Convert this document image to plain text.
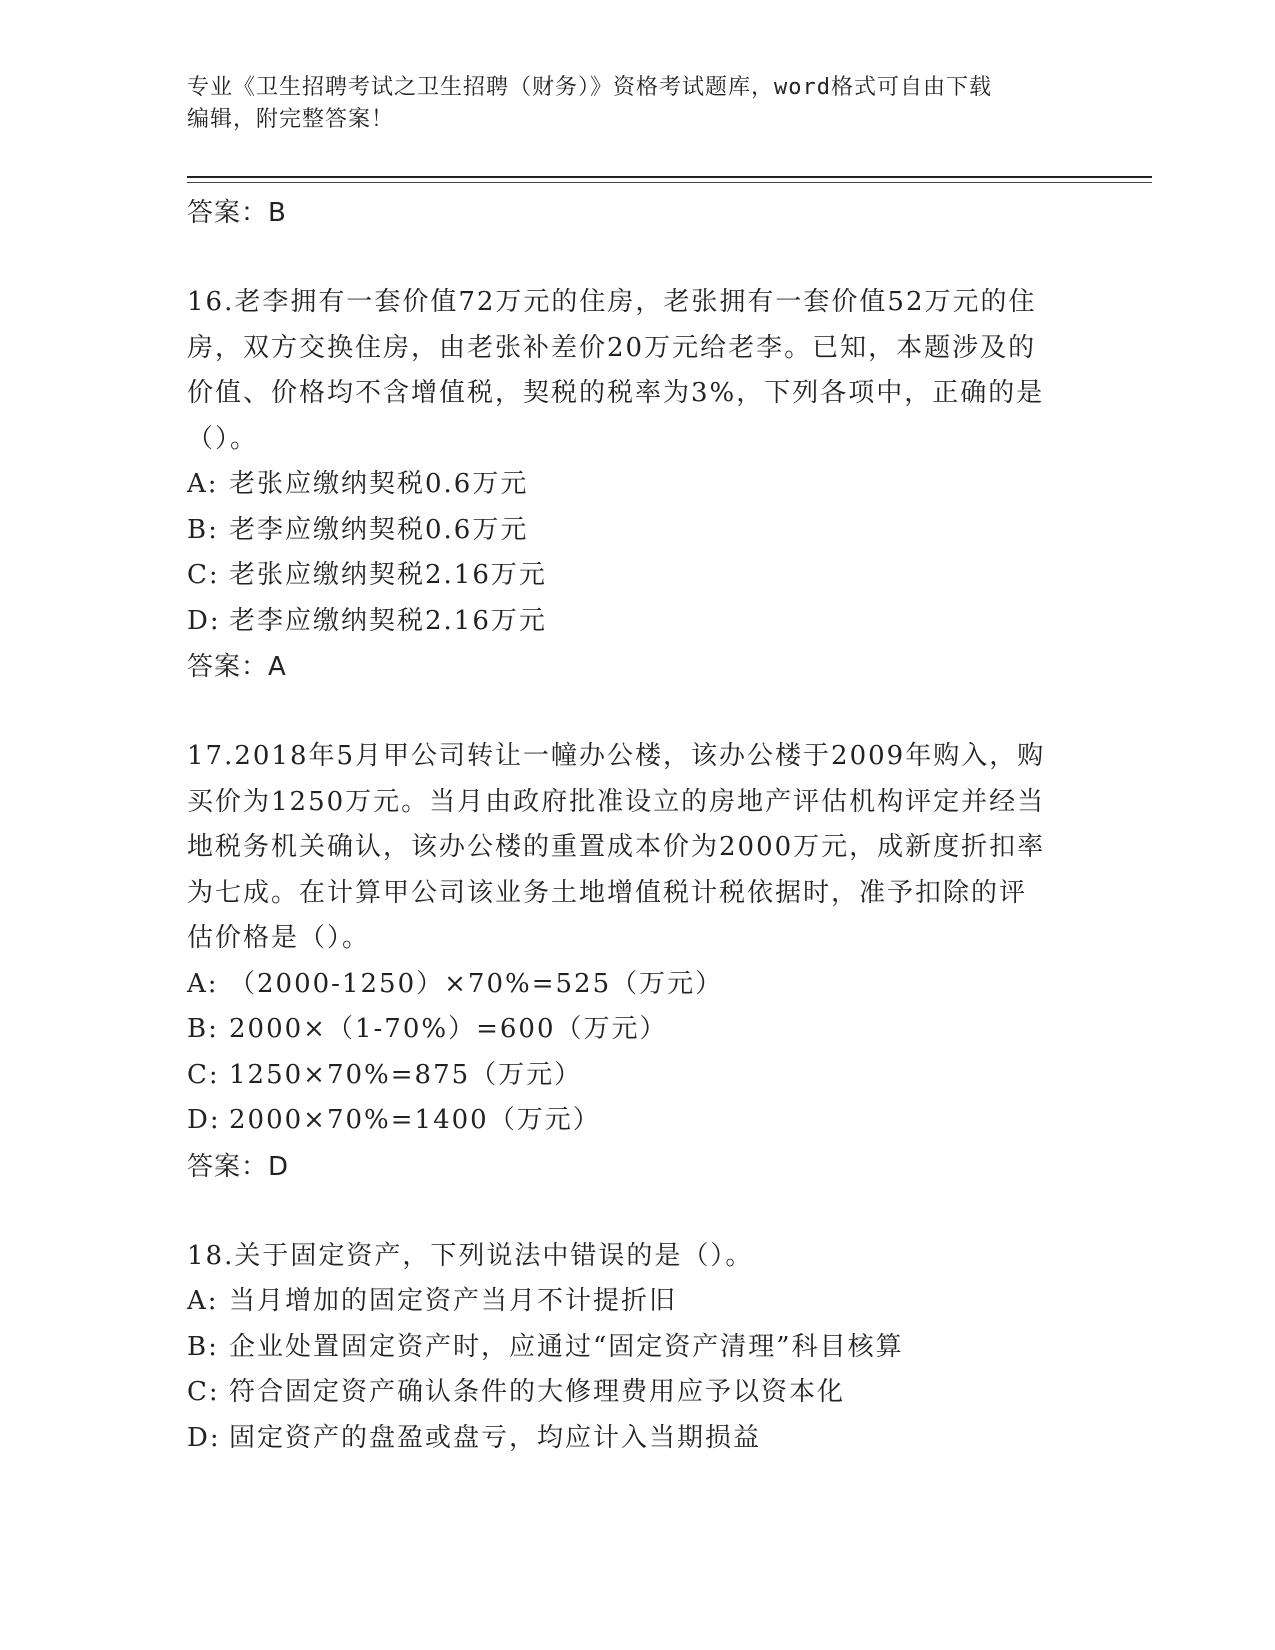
专业《卫生招聘考试之卫生招聘（财务）》资格考试题库，word格式可自由下载
编辑，附完整答案！
答案：B
16.老李拥有一套价值72万元的住房，老张拥有一套价值52万元的住
房，双方交换住房，由老张补差价20万元给老李。已知，本题涉及的
价值、价格均不含增值税，契税的税率为3%，下列各项中，正确的是
（）。
A: 老张应缴纳契税0.6万元
B: 老李应缴纳契税0.6万元
C: 老张应缴纳契税2.16万元
D: 老李应缴纳契税2.16万元
答案：A
17.2018年5月甲公司转让一幢办公楼，该办公楼于2009年购入，购
买价为1250万元。当月由政府批准设立的房地产评估机构评定并经当
地税务机关确认，该办公楼的重置成本价为2000万元，成新度折扣率
为七成。在计算甲公司该业务土地增值税计税依据时，准予扣除的评
估价格是（）。
A: （2000-1250）×70%=525（万元）
B: 2000×（1-70%）=600（万元）
C: 1250×70%=875（万元）
D: 2000×70%=1400（万元）
答案：D
18.关于固定资产，下列说法中错误的是（）。
A: 当月增加的固定资产当月不计提折旧
B: 企业处置固定资产时，应通过“固定资产清理”科目核算
C: 符合固定资产确认条件的大修理费用应予以资本化
D: 固定资产的盘盈或盘亏，均应计入当期损益
